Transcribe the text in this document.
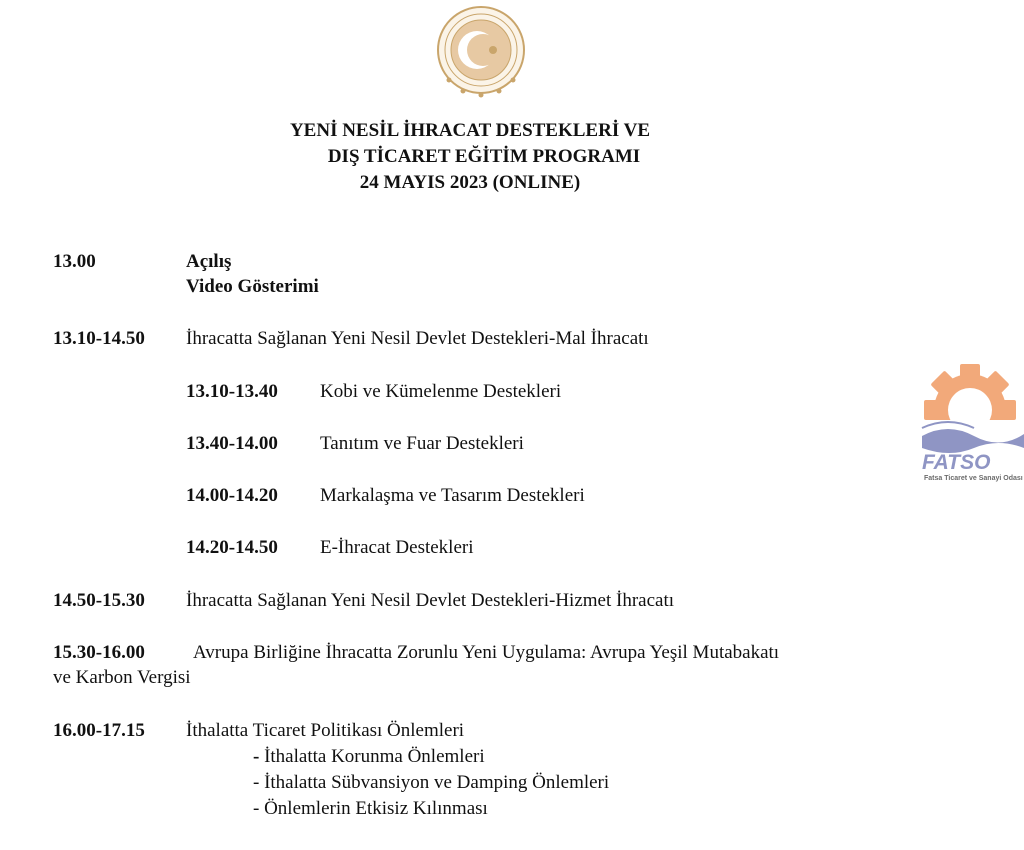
YENİ NESİL İHRACAT DESTEKLERİ VE
DIŞ TİCARET EĞİTİM PROGRAMI
24 MAYIS 2023 (ONLINE)
13.00	Açılış
Video Gösterimi
13.10-14.50 İhracatta Sağlanan Yeni Nesil Devlet Destekleri-Mal İhracatı
13.10-13.40 Kobi ve Kümelenme Destekleri
13.40-14.00 Tanıtım ve Fuar Destekleri
14.00-14.20 Markalaşma ve Tasarım Destekleri
14.20-14.50 E-İhracat Destekleri
14.50-15.30 İhracatta Sağlanan Yeni Nesil Devlet Destekleri-Hizmet İhracatı
15.30-16.00	Avrupa Birliğine İhracatta Zorunlu Yeni Uygulama: Avrupa Yeşil Mutabakatı
ve Karbon Vergisi
16.00-17.15 İthalatta Ticaret Politikası Önlemleri
- İthalatta Korunma Önlemleri
- İthalatta Sübvansiyon ve Damping Önlemleri
- Önlemlerin Etkisiz Kılınması
FATSO
Fatsa Ticaret ve Sanayi Odası
